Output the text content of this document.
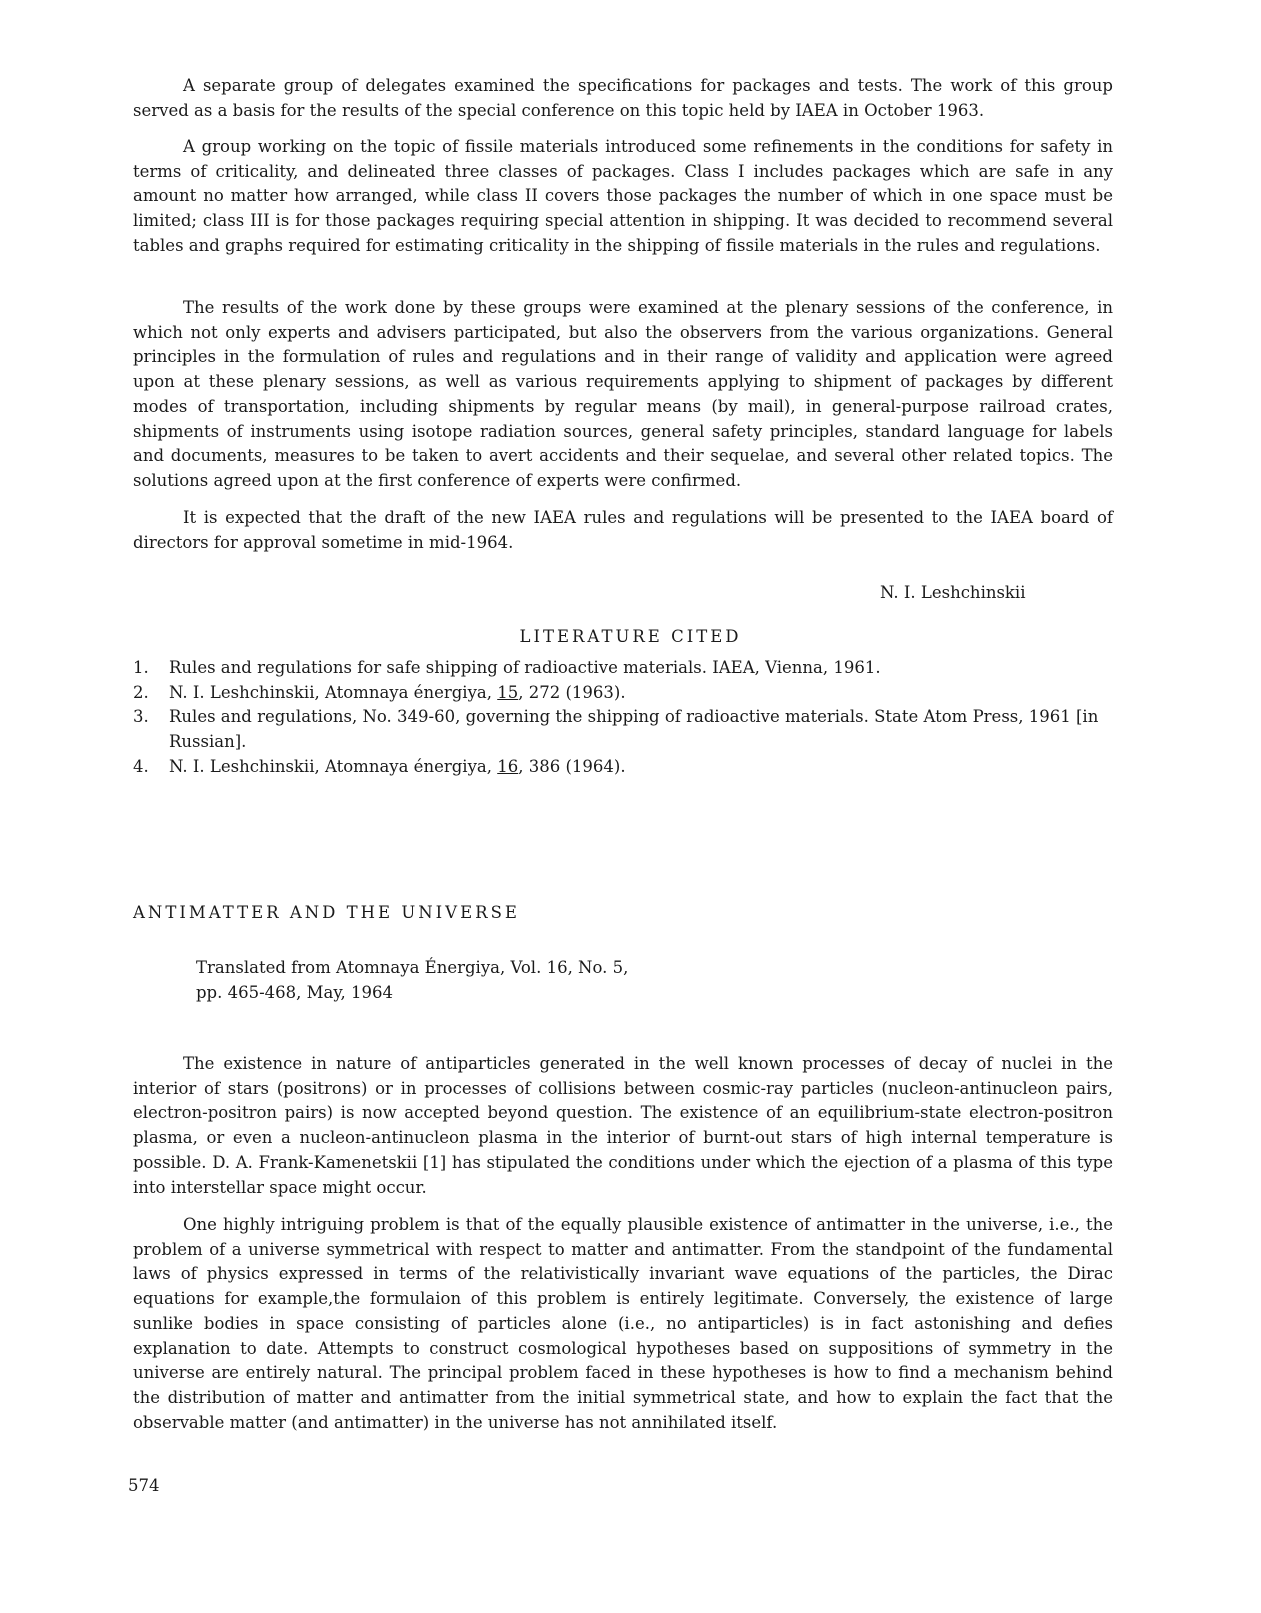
A separate group of delegates examined the specifications for packages and tests. The work of this group served as a basis for the results of the special conference on this topic held by IAEA in October 1963.

A group working on the topic of fissile materials introduced some refinements in the conditions for safety in terms of criticality, and delineated three classes of packages. Class I includes packages which are safe in any amount no matter how arranged, while class II covers those packages the number of which in one space must be limited; class III is for those packages requiring special attention in shipping. It was decided to recommend several tables and graphs required for estimating criticality in the shipping of fissile materials in the rules and regulations.

The results of the work done by these groups were examined at the plenary sessions of the conference, in which not only experts and advisers participated, but also the observers from the various organizations. General principles in the formulation of rules and regulations and in their range of validity and application were agreed upon at these plenary sessions, as well as various requirements applying to shipment of packages by different modes of transportation, including shipments by regular means (by mail), in general-purpose railroad crates, shipments of instruments using isotope radiation sources, general safety principles, standard language for labels and documents, measures to be taken to avert accidents and their sequelae, and several other related topics. The solutions agreed upon at the first conference of experts were confirmed.

It is expected that the draft of the new IAEA rules and regulations will be presented to the IAEA board of directors for approval sometime in mid-1964.

N. I. Leshchinskii

LITERATURE CITED

1. Rules and regulations for safe shipping of radioactive materials. IAEA, Vienna, 1961.
2. N. I. Leshchinskii, Atomnaya énergiya, 15, 272 (1963).
3. Rules and regulations, No. 349-60, governing the shipping of radioactive materials. State Atom Press, 1961 [in Russian].
4. N. I. Leshchinskii, Atomnaya énergiya, 16, 386 (1964).

ANTIMATTER AND THE UNIVERSE

Translated from Atomnaya Énergiya, Vol. 16, No. 5,
pp. 465-468, May, 1964

The existence in nature of antiparticles generated in the well known processes of decay of nuclei in the interior of stars (positrons) or in processes of collisions between cosmic-ray particles (nucleon-antinucleon pairs, electron-positron pairs) is now accepted beyond question. The existence of an equilibrium-state electron-positron plasma, or even a nucleon-antinucleon plasma in the interior of burnt-out stars of high internal temperature is possible. D. A. Frank-Kamenetskii [1] has stipulated the conditions under which the ejection of a plasma of this type into interstellar space might occur.

One highly intriguing problem is that of the equally plausible existence of antimatter in the universe, i.e., the problem of a universe symmetrical with respect to matter and antimatter. From the standpoint of the fundamental laws of physics expressed in terms of the relativistically invariant wave equations of the particles, the Dirac equations for example,the formulaion of this problem is entirely legitimate. Conversely, the existence of large sunlike bodies in space consisting of particles alone (i.e., no antiparticles) is in fact astonishing and defies explanation to date. Attempts to construct cosmological hypotheses based on suppositions of symmetry in the universe are entirely natural. The principal problem faced in these hypotheses is how to find a mechanism behind the distribution of matter and antimatter from the initial symmetrical state, and how to explain the fact that the observable matter (and antimatter) in the universe has not annihilated itself.

574
